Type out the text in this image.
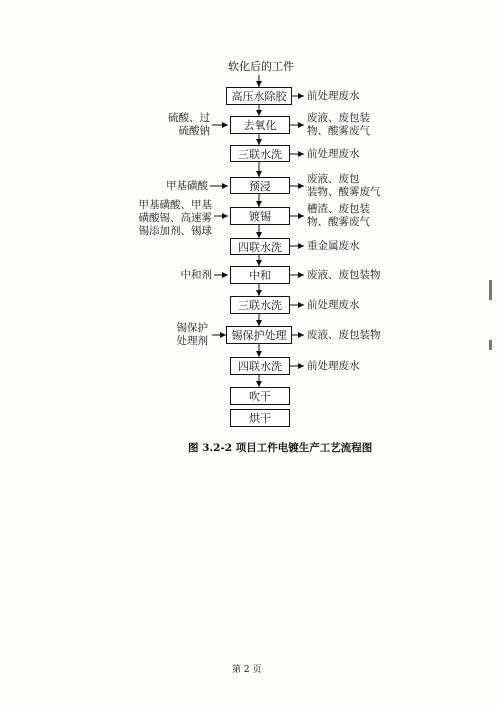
软化后的工件
高压水除胶
去氧化
三联水洗
预浸
镀锡
四联水洗
中和
三联水洗
锡保护处理
四联水洗
吹干
烘干
硫酸、过
硫酸钠
甲基磺酸
甲基磺酸、甲基
磺酸锡、高速雾
锡添加剂、锡球
中和剂
锡保护
处理剂
前处理废水
废液、废包装
物、酸雾废气
前处理废水
废液、废包
装物、酸雾废气
槽渣、废包装
物、酸雾废气
重金属废水
废液、废包装物
前处理废水
废液、废包装物
前处理废水
图 3.2-2 项目工件电镀生产工艺流程图
第 2 页
